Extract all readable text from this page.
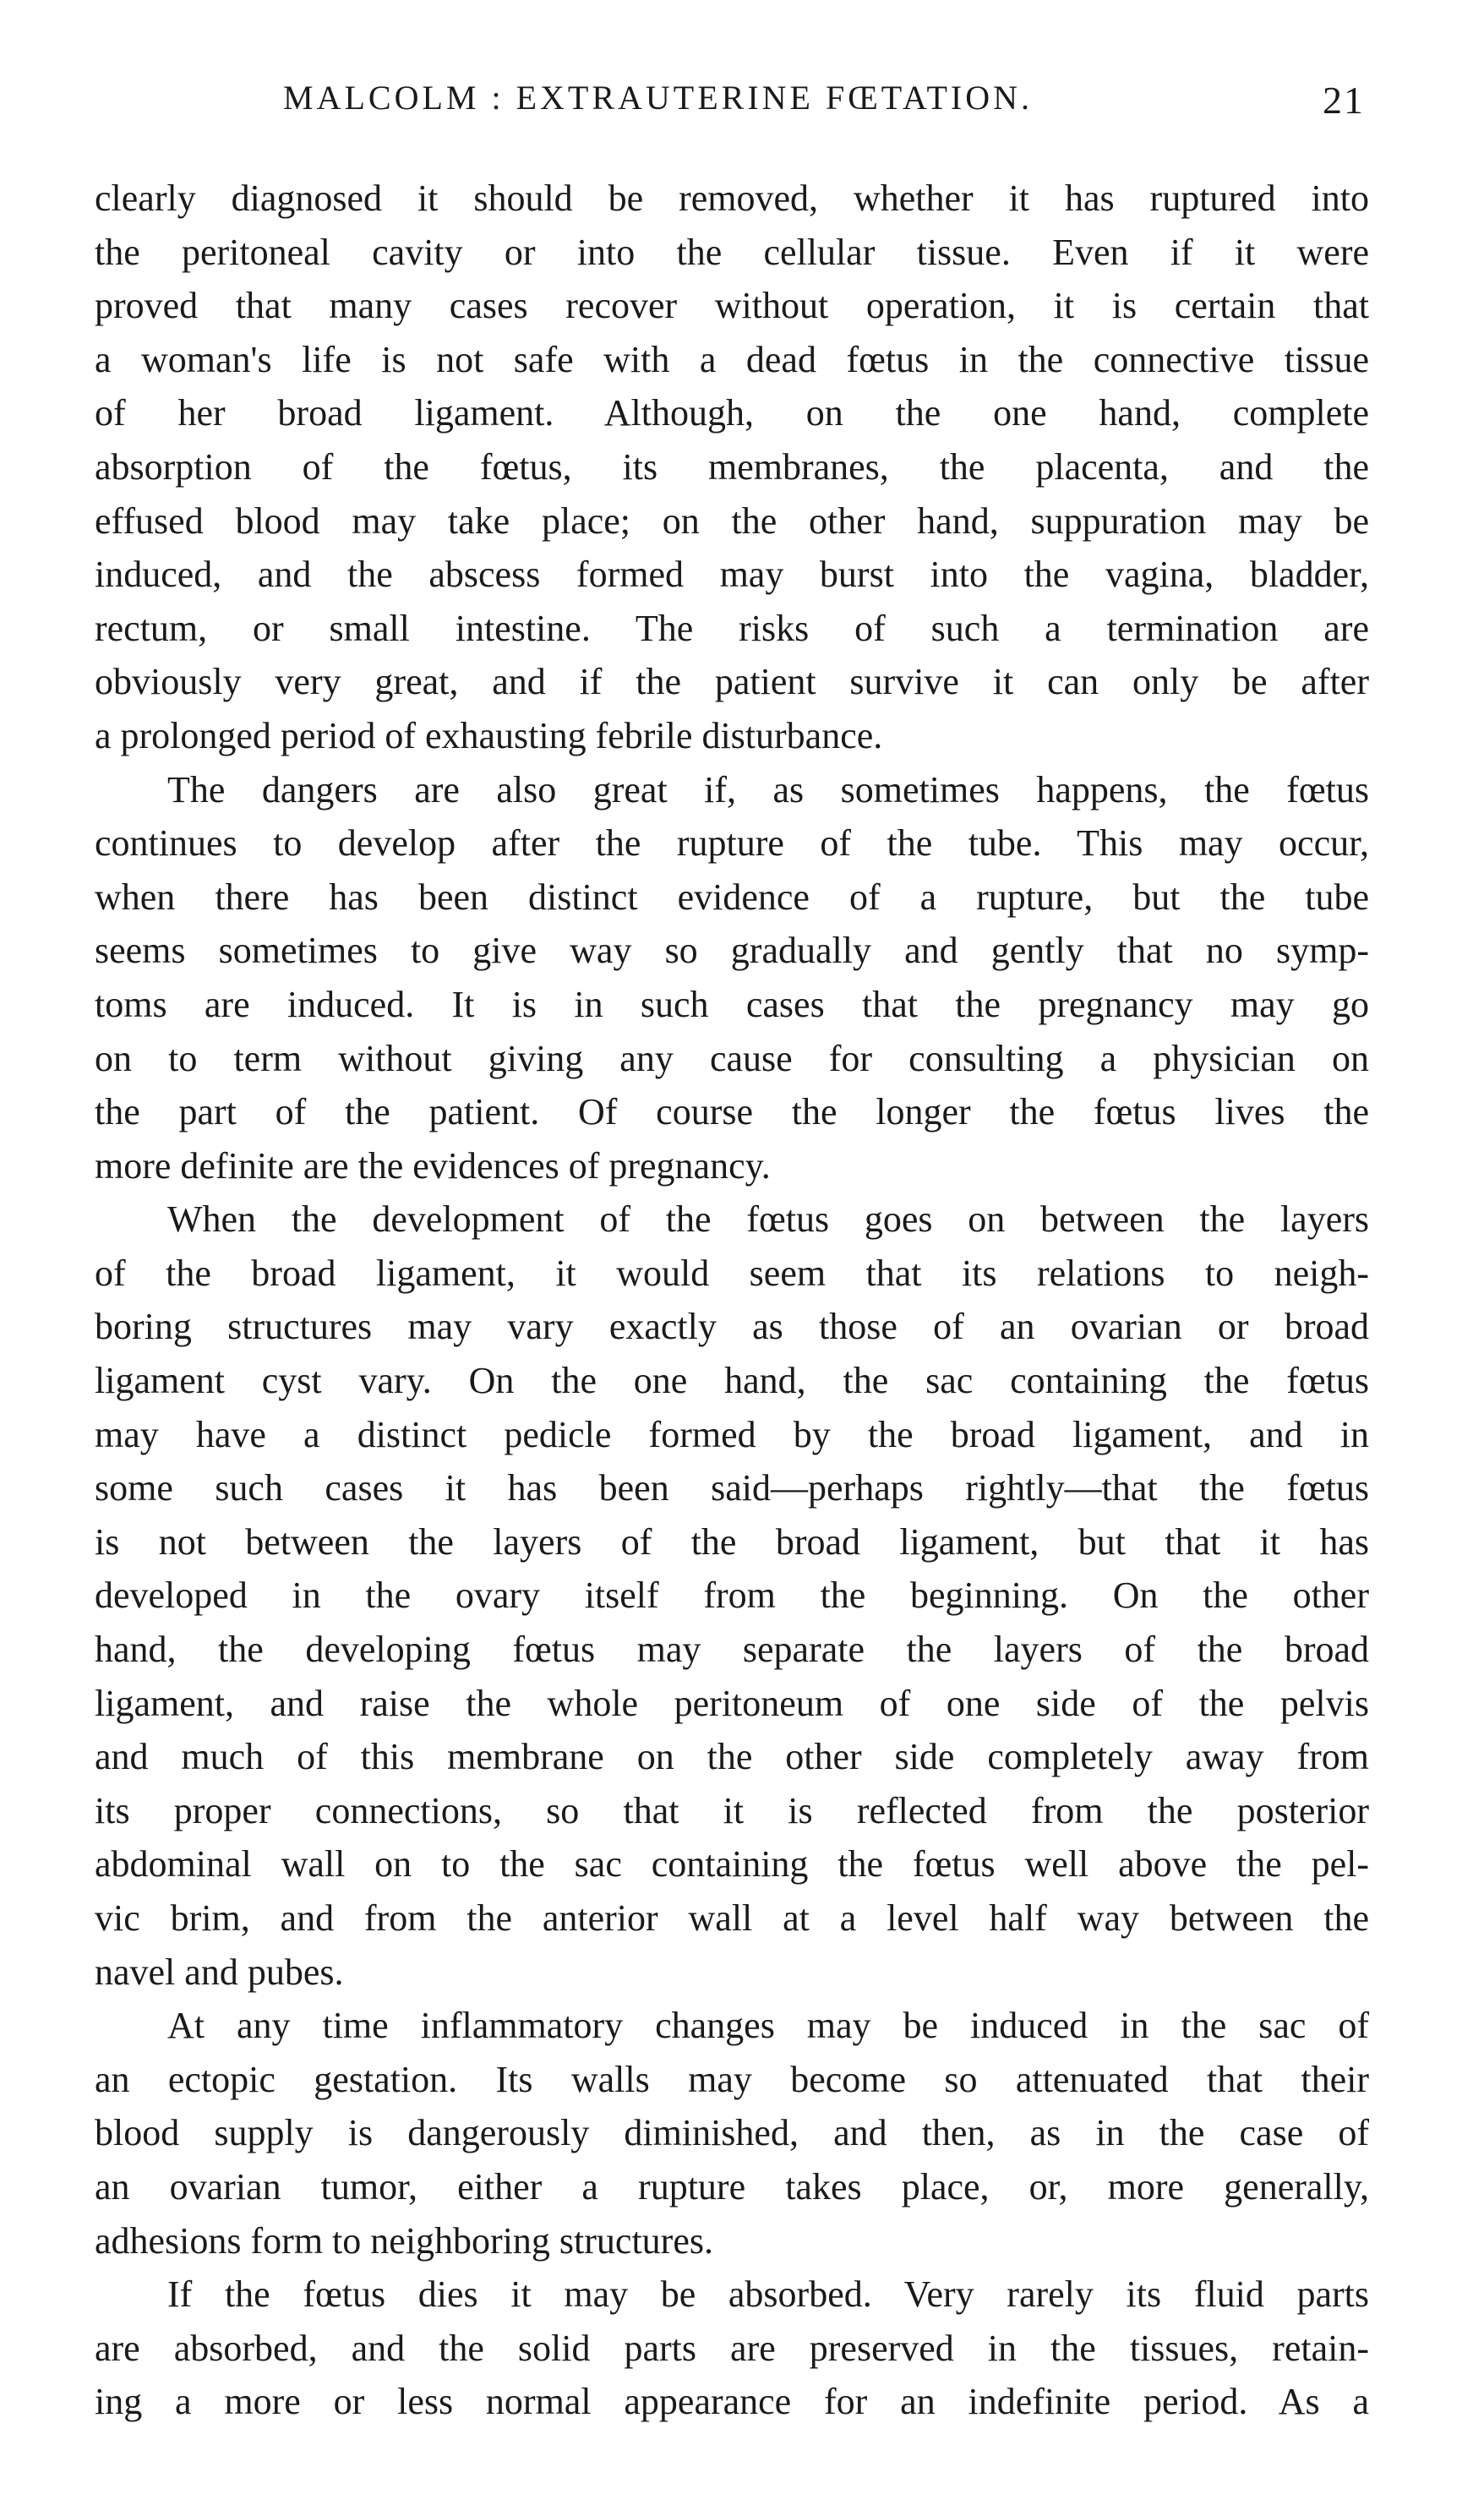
MALCOLM : EXTRAUTERINE FŒTATION.	21
clearly diagnosed it should be removed, whether it has ruptured into
the peritoneal cavity or into the cellular tissue. Even if it were
proved that many cases recover without operation, it is certain that
a woman's life is not safe with a dead fœtus in the connective tissue
of her broad ligament. Although, on the one hand, complete
absorption of the fœtus, its membranes, the placenta, and the
effused blood may take place; on the other hand, suppuration may be
induced, and the abscess formed may burst into the vagina, bladder,
rectum, or small intestine. The risks of such a termination are
obviously very great, and if the patient survive it can only be after
a prolonged period of exhausting febrile disturbance.
The dangers are also great if, as sometimes happens, the fœtus
continues to develop after the rupture of the tube. This may occur,
when there has been distinct evidence of a rupture, but the tube
seems sometimes to give way so gradually and gently that no symp-
toms are induced. It is in such cases that the pregnancy may go
on to term without giving any cause for consulting a physician on
the part of the patient. Of course the longer the fœtus lives the
more definite are the evidences of pregnancy.
When the development of the fœtus goes on between the layers
of the broad ligament, it would seem that its relations to neigh-
boring structures may vary exactly as those of an ovarian or broad
ligament cyst vary. On the one hand, the sac containing the fœtus
may have a distinct pedicle formed by the broad ligament, and in
some such cases it has been said—perhaps rightly—that the fœtus
is not between the layers of the broad ligament, but that it has
developed in the ovary itself from the beginning. On the other
hand, the developing fœtus may separate the layers of the broad
ligament, and raise the whole peritoneum of one side of the pelvis
and much of this membrane on the other side completely away from
its proper connections, so that it is reflected from the posterior
abdominal wall on to the sac containing the fœtus well above the pel-
vic brim, and from the anterior wall at a level half way between the
navel and pubes.
At any time inflammatory changes may be induced in the sac of
an ectopic gestation. Its walls may become so attenuated that their
blood supply is dangerously diminished, and then, as in the case of
an ovarian tumor, either a rupture takes place, or, more generally,
adhesions form to neighboring structures.
If the fœtus dies it may be absorbed. Very rarely its fluid parts
are absorbed, and the solid parts are preserved in the tissues, retain-
ing a more or less normal appearance for an indefinite period. As a
